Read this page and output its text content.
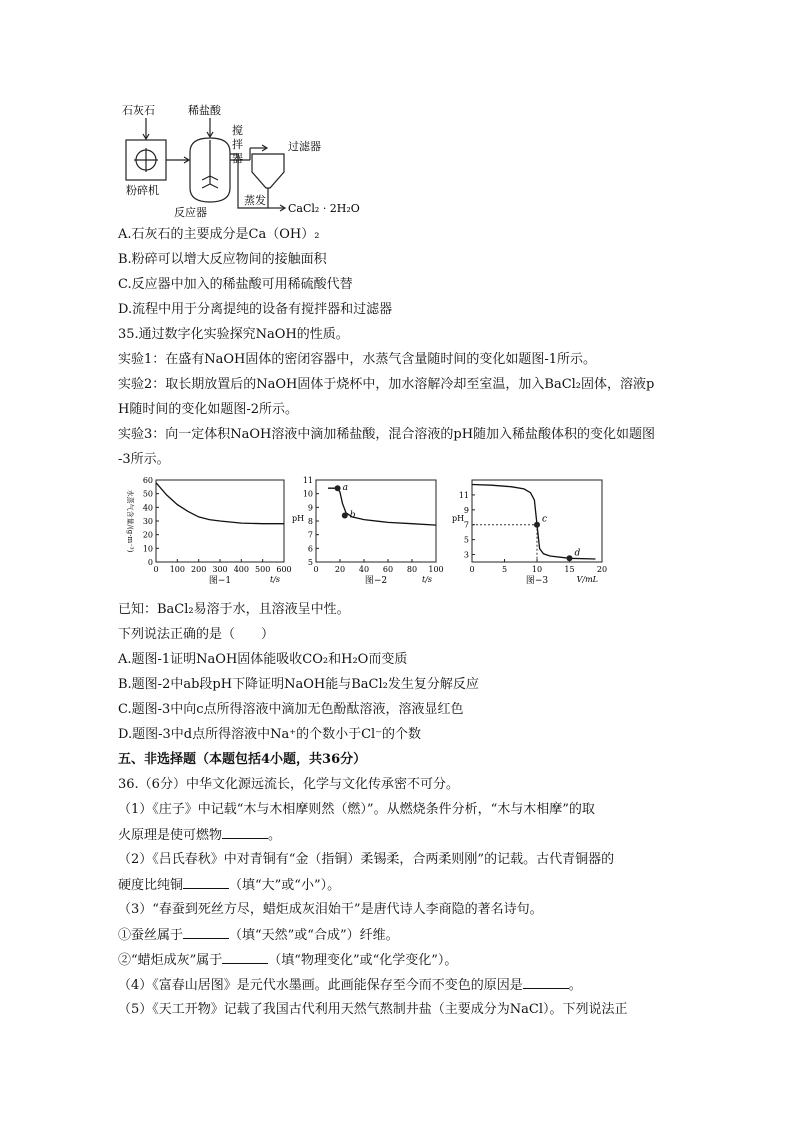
石灰石	稀盐酸
粉碎机
反应器
搅
拌
器
过滤器
蒸发
CaCl₂ · 2H₂O
A.石灰石的主要成分是Ca（OH）₂
B.粉碎可以增大反应物间的接触面积
C.反应器中加入的稀盐酸可用稀硫酸代替
D.流程中用于分离提纯的设备有搅拌器和过滤器
35.通过数字化实验探究NaOH的性质。
实验1：在盛有NaOH固体的密闭容器中，水蒸气含量随时间的变化如题图-1所示。
实验2：取长期放置后的NaOH固体于烧杯中，加水溶解冷却至室温，加入BaCl₂固体，溶液p
H随时间的变化如题图-2所示。
实验3：向一定体积NaOH溶液中滴加稀盐酸，混合溶液的pH随加入稀盐酸体积的变化如题图
-3所示。
0 100 200 300 400 500 600
0
10
20
30
40
50
60
t/s
图−1
水蒸气含量/(g·m⁻³)
0 20 40 60 80 100
5
6
7
8
9
10
11
a
b
t/s
图−2
pH
0	5	10	15	20
3
5
7
9
11
c
d
V/mL
图−3
pH
已知：BaCl₂易溶于水，且溶液呈中性。
下列说法正确的是（　　）
A.题图-1证明NaOH固体能吸收CO₂和H₂O而变质
B.题图-2中ab段pH下降证明NaOH能与BaCl₂发生复分解反应
C.题图-3中向c点所得溶液中滴加无色酚酞溶液，溶液显红色
D.题图-3中d点所得溶液中Na⁺的个数小于Cl⁻的个数
五、非选择题（本题包括4小题，共36分）
36.（6分）中华文化源远流长，化学与文化传承密不可分。
（1）《庄子》中记载“木与木相摩则然（燃）”。从燃烧条件分析，“木与木相摩”的取
火原理是使可燃物	。
（2）《吕氏春秋》中对青铜有“金（指铜）柔锡柔，合两柔则刚”的记载。古代青铜器的
硬度比纯铜	（填“大”或“小”）。
（3）“春蚕到死丝方尽，蜡炬成灰泪始干”是唐代诗人李商隐的著名诗句。
①蚕丝属于	（填“天然”或“合成”）纤维。
②“蜡炬成灰”属于	（填“物理变化”或“化学变化”）。
（4）《富春山居图》是元代水墨画。此画能保存至今而不变色的原因是	。
（5）《天工开物》记载了我国古代利用天然气熬制井盐（主要成分为NaCl）。下列说法正
